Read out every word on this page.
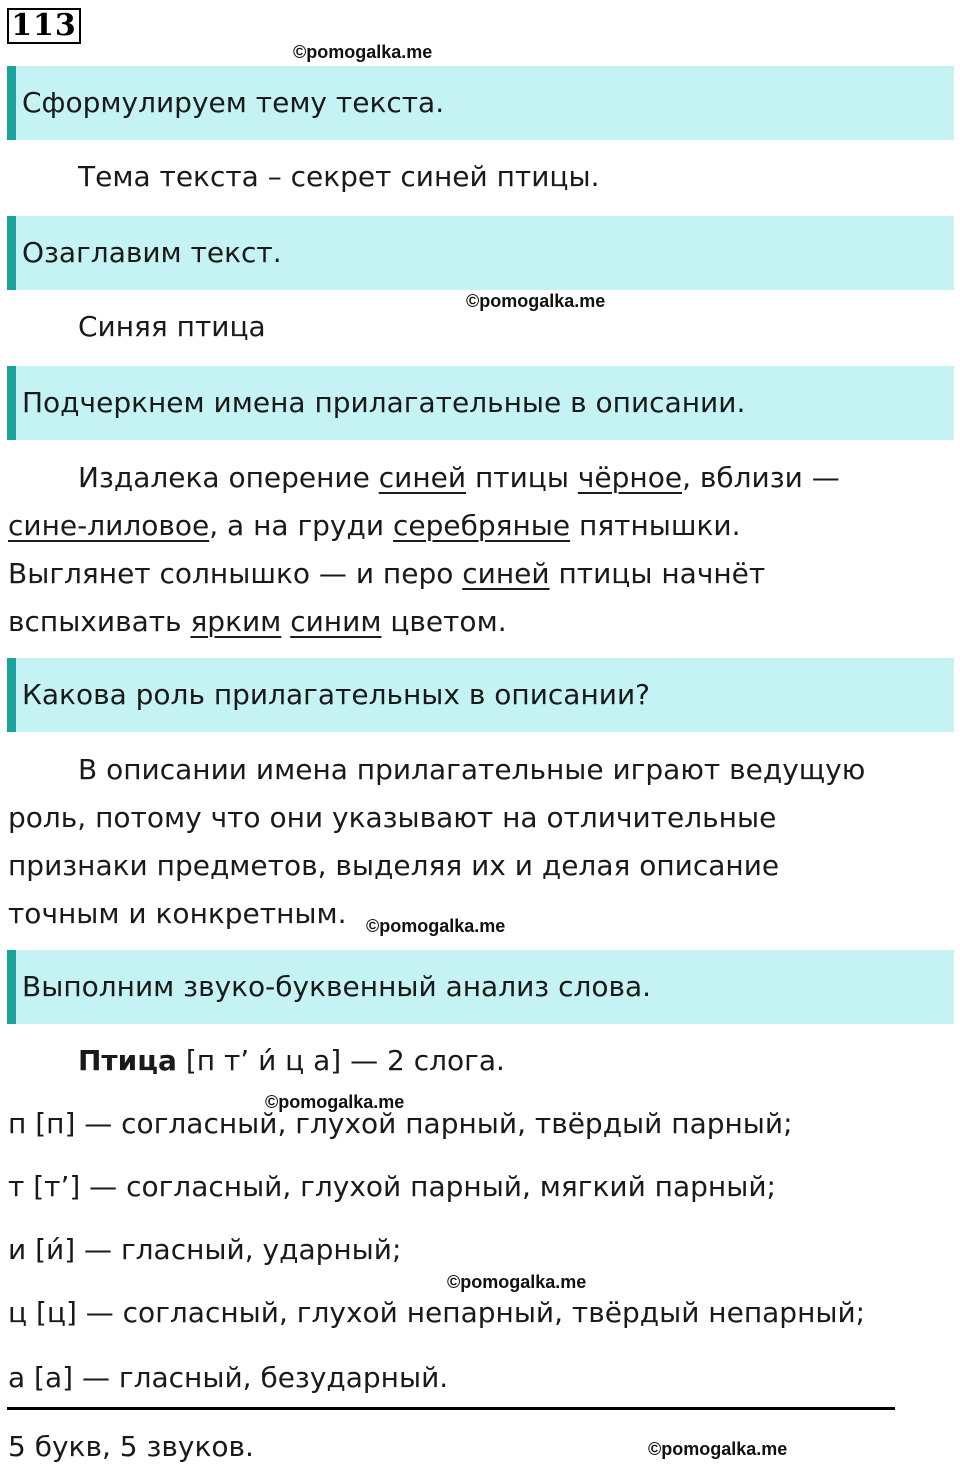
113
©pomogalka.me
Сформулируем тему текста.
Тема текста – секрет синей птицы.
Озаглавим текст.
©pomogalka.me
Синяя птица
Подчеркнем имена прилагательные в описании.
Издалека оперение синей птицы чёрное, вблизи —
сине-лиловое, а на груди серебряные пятнышки.
Выглянет солнышко — и перо синей птицы начнёт
вспыхивать ярким синим цветом.
Какова роль прилагательных в описании?
В описании имена прилагательные играют ведущую
роль, потому что они указывают на отличительные
признаки предметов, выделяя их и делая описание
точным и конкретным.	©pomogalka.me
Выполним звуко-буквенный анализ слова.
Птица [п т’ и́ ц а] — 2 слога.
©pomogalka.me
п [п] — согласный, глухой парный, твёрдый парный;
т [т’] — согласный, глухой парный, мягкий парный;
и [и́] — гласный, ударный;
©pomogalka.me
ц [ц] — согласный, глухой непарный, твёрдый непарный;
а [а] — гласный, безударный.
5 букв, 5 звуков.	©pomogalka.me
